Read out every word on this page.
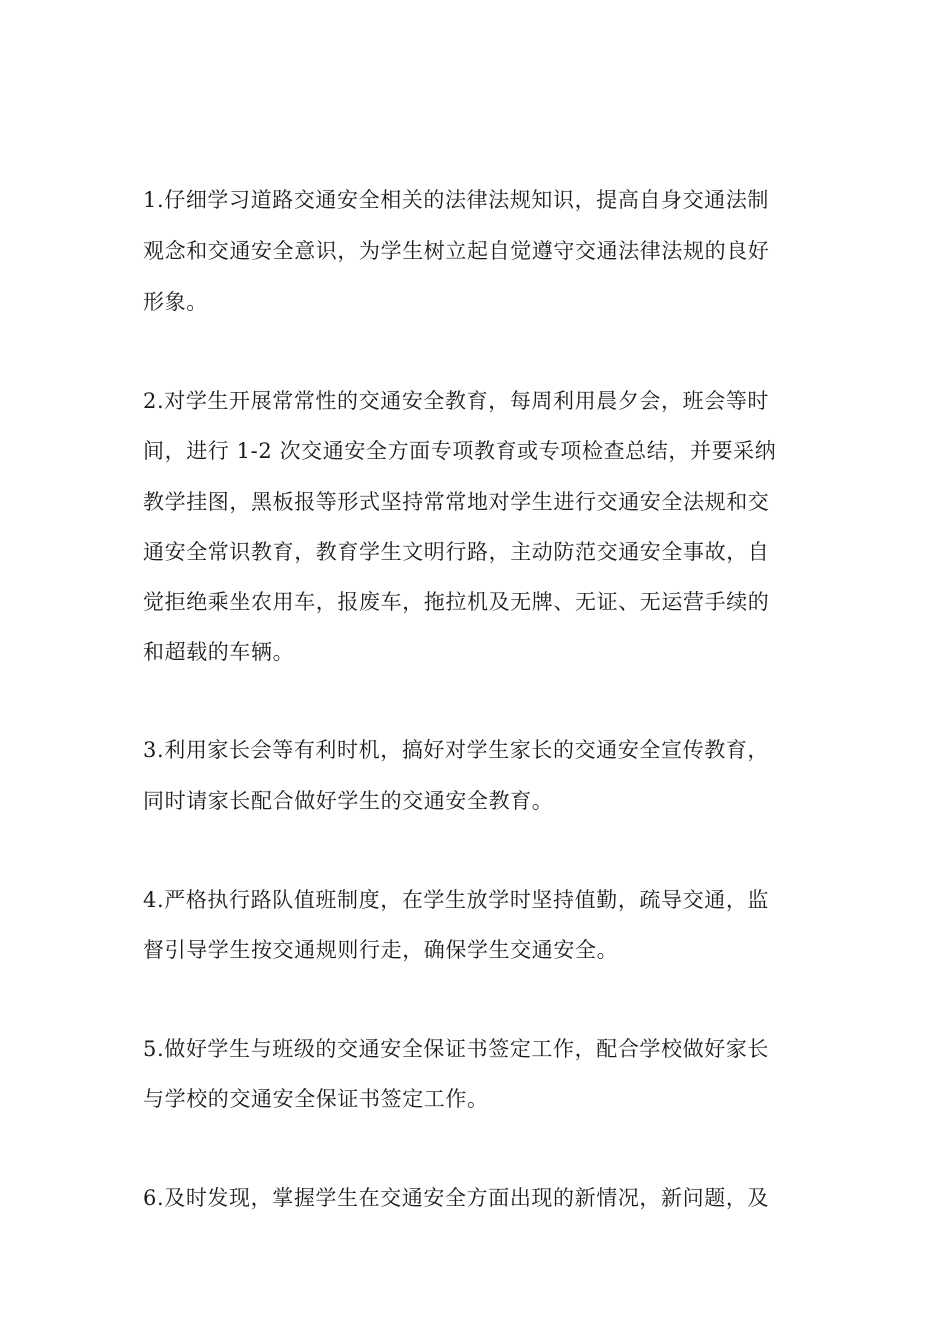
1.仔细学习道路交通安全相关的法律法规知识，提高自身交通法制
观念和交通安全意识，为学生树立起自觉遵守交通法律法规的良好
形象。
2.对学生开展常常性的交通安全教育，每周利用晨夕会，班会等时
间，进行 1-2 次交通安全方面专项教育或专项检查总结，并要采纳
教学挂图，黑板报等形式坚持常常地对学生进行交通安全法规和交
通安全常识教育，教育学生文明行路，主动防范交通安全事故，自
觉拒绝乘坐农用车，报废车，拖拉机及无牌、无证、无运营手续的
和超载的车辆。
3.利用家长会等有利时机，搞好对学生家长的交通安全宣传教育，
同时请家长配合做好学生的交通安全教育。
4.严格执行路队值班制度，在学生放学时坚持值勤，疏导交通，监
督引导学生按交通规则行走，确保学生交通安全。
5.做好学生与班级的交通安全保证书签定工作，配合学校做好家长
与学校的交通安全保证书签定工作。
6.及时发现，掌握学生在交通安全方面出现的新情况，新问题，及
